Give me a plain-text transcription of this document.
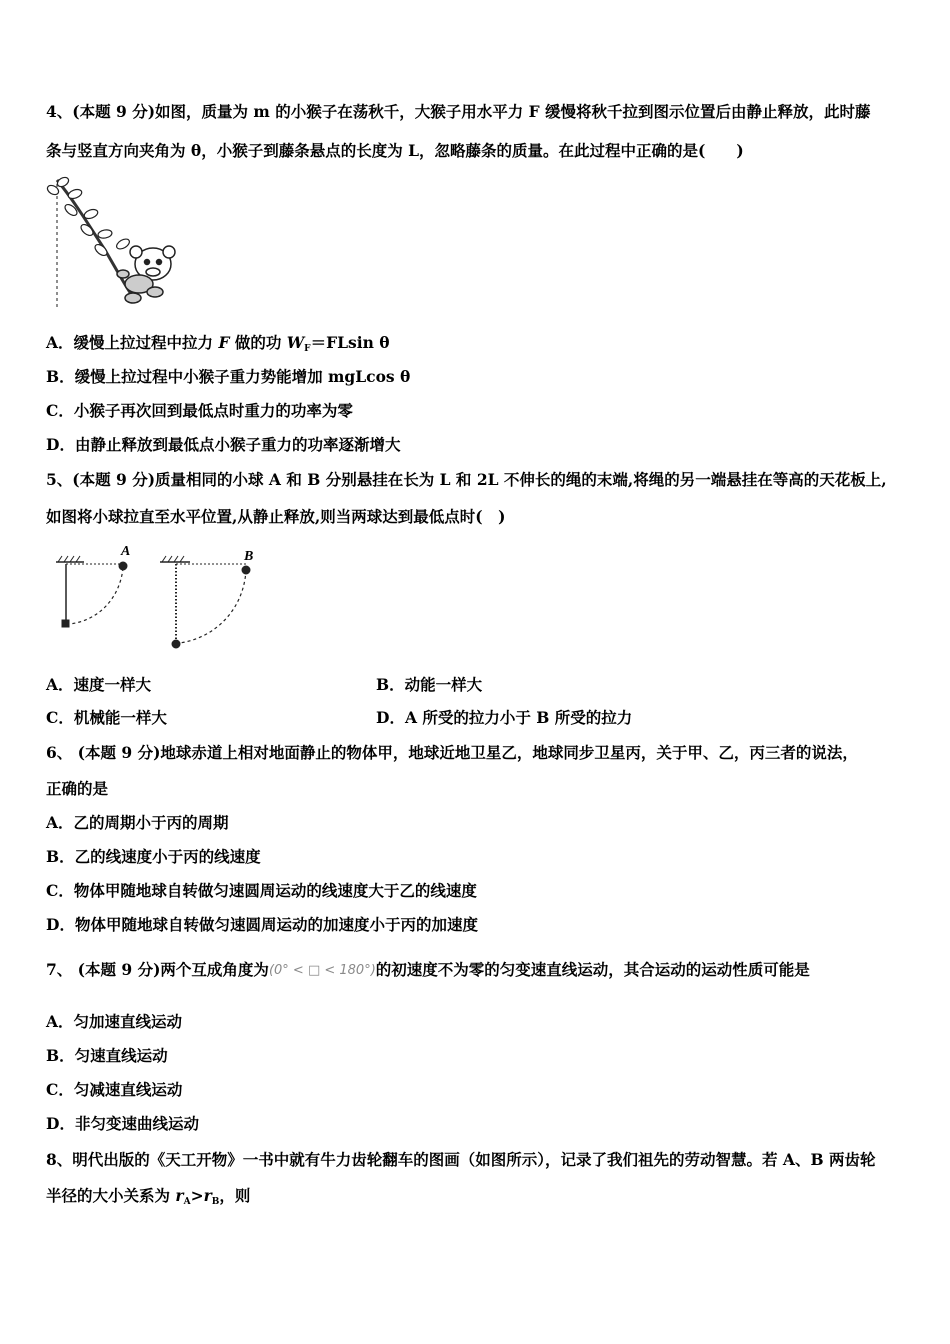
4、(本题 9 分)如图，质量为 m 的小猴子在荡秋千，大猴子用水平力 F 缓慢将秋千拉到图示位置后由静止释放，此时藤
条与竖直方向夹角为 θ，小猴子到藤条悬点的长度为 L，忽略藤条的质量。在此过程中正确的是(　　)
A．缓慢上拉过程中拉力 F 做的功 $W_F=FLsin$ θ
B．缓慢上拉过程中小猴子重力势能增加 mgLcos θ
C．小猴子再次回到最低点时重力的功率为零
D．由静止释放到最低点小猴子重力的功率逐渐增大
5、(本题 9 分)质量相同的小球 A 和 B 分别悬挂在长为 L 和 2L 不伸长的绳的末端,将绳的另一端悬挂在等高的天花板上,
如图将小球拉直至水平位置,从静止释放,则当两球达到最低点时(　)
A	B
A．速度一样大	B．动能一样大
C．机械能一样大	D．A 所受的拉力小于 B 所受的拉力
6、 (本题 9 分)地球赤道上相对地面静止的物体甲，地球近地卫星乙，地球同步卫星丙，关于甲、乙，丙三者的说法，
正确的是
A．乙的周期小于丙的周期
B．乙的线速度小于丙的线速度
C．物体甲随地球自转做匀速圆周运动的线速度大于乙的线速度
D．物体甲随地球自转做匀速圆周运动的加速度小于丙的加速度
7、 (本题 9 分)两个互成角度为(0° < □ < 180°)的初速度不为零的匀变速直线运动，其合运动的运动性质可能是
A．匀加速直线运动
B．匀速直线运动
C．匀减速直线运动
D．非匀变速曲线运动
8、明代出版的《天工开物》一书中就有牛力齿轮翻车的图画（如图所示），记录了我们祖先的劳动智慧。若 A、B 两齿轮
半径的大小关系为 $r_A>r_B$，则
